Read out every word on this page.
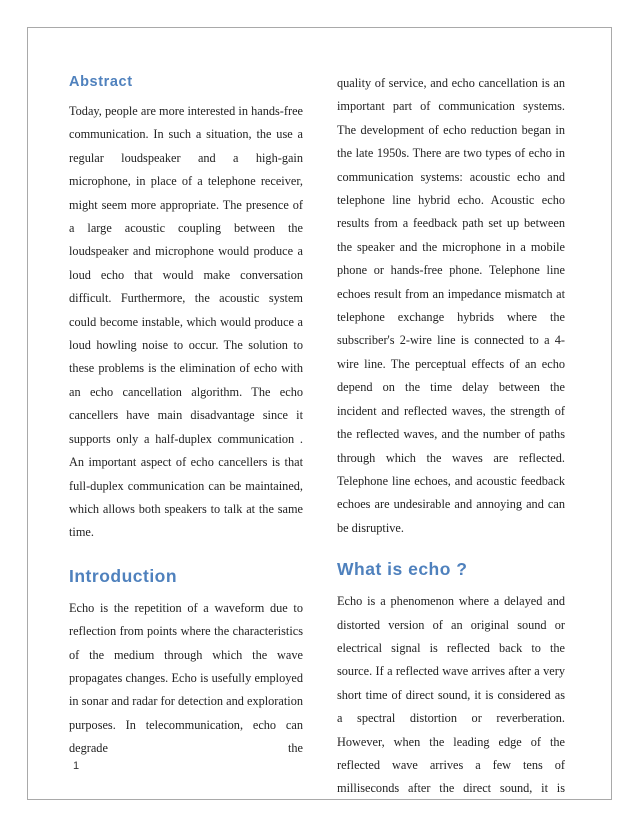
Abstract

Today, people are more interested in hands-free communication. In such a situation, the use a regular loudspeaker and a high-gain microphone, in place of a telephone receiver, might seem more appropriate. The presence of a large acoustic coupling between the loudspeaker and microphone would produce a loud echo that would make conversation difficult. Furthermore, the acoustic system could become instable, which would produce a loud howling noise to occur. The solution to these problems is the elimination of echo with an echo cancellation algorithm. The echo cancellers have main disadvantage since it supports only a half-duplex communication . An important aspect of echo cancellers is that full-duplex communication can be maintained, which allows both speakers to talk at the same time.

Introduction

Echo is the repetition of a waveform due to reflection from points where the characteristics of the medium through which the wave propagates changes. Echo is usefully employed in sonar and radar for detection and exploration purposes. In telecommunication, echo can degrade the

quality of service, and echo cancellation is an important part of communication systems. The development of echo reduction began in the late 1950s. There are two types of echo in communication systems: acoustic echo and telephone line hybrid echo. Acoustic echo results from a feedback path set up between the speaker and the microphone in a mobile phone or hands-free phone. Telephone line echoes result from an impedance mismatch at telephone exchange hybrids where the subscriber's 2-wire line is connected to a 4-wire line. The perceptual effects of an echo depend on the time delay between the incident and reflected waves, the strength of the reflected waves, and the number of paths through which the waves are reflected. Telephone line echoes, and acoustic feedback echoes are undesirable and annoying and can be disruptive.

What is echo ?

Echo is a phenomenon where a delayed and distorted version of an original sound or electrical signal is reflected back to the source. If a reflected wave arrives after a very short time of direct sound, it is considered as a spectral distortion or reverberation. However, when the leading edge of the reflected wave arrives a few tens of milliseconds after the direct sound, it is

1
